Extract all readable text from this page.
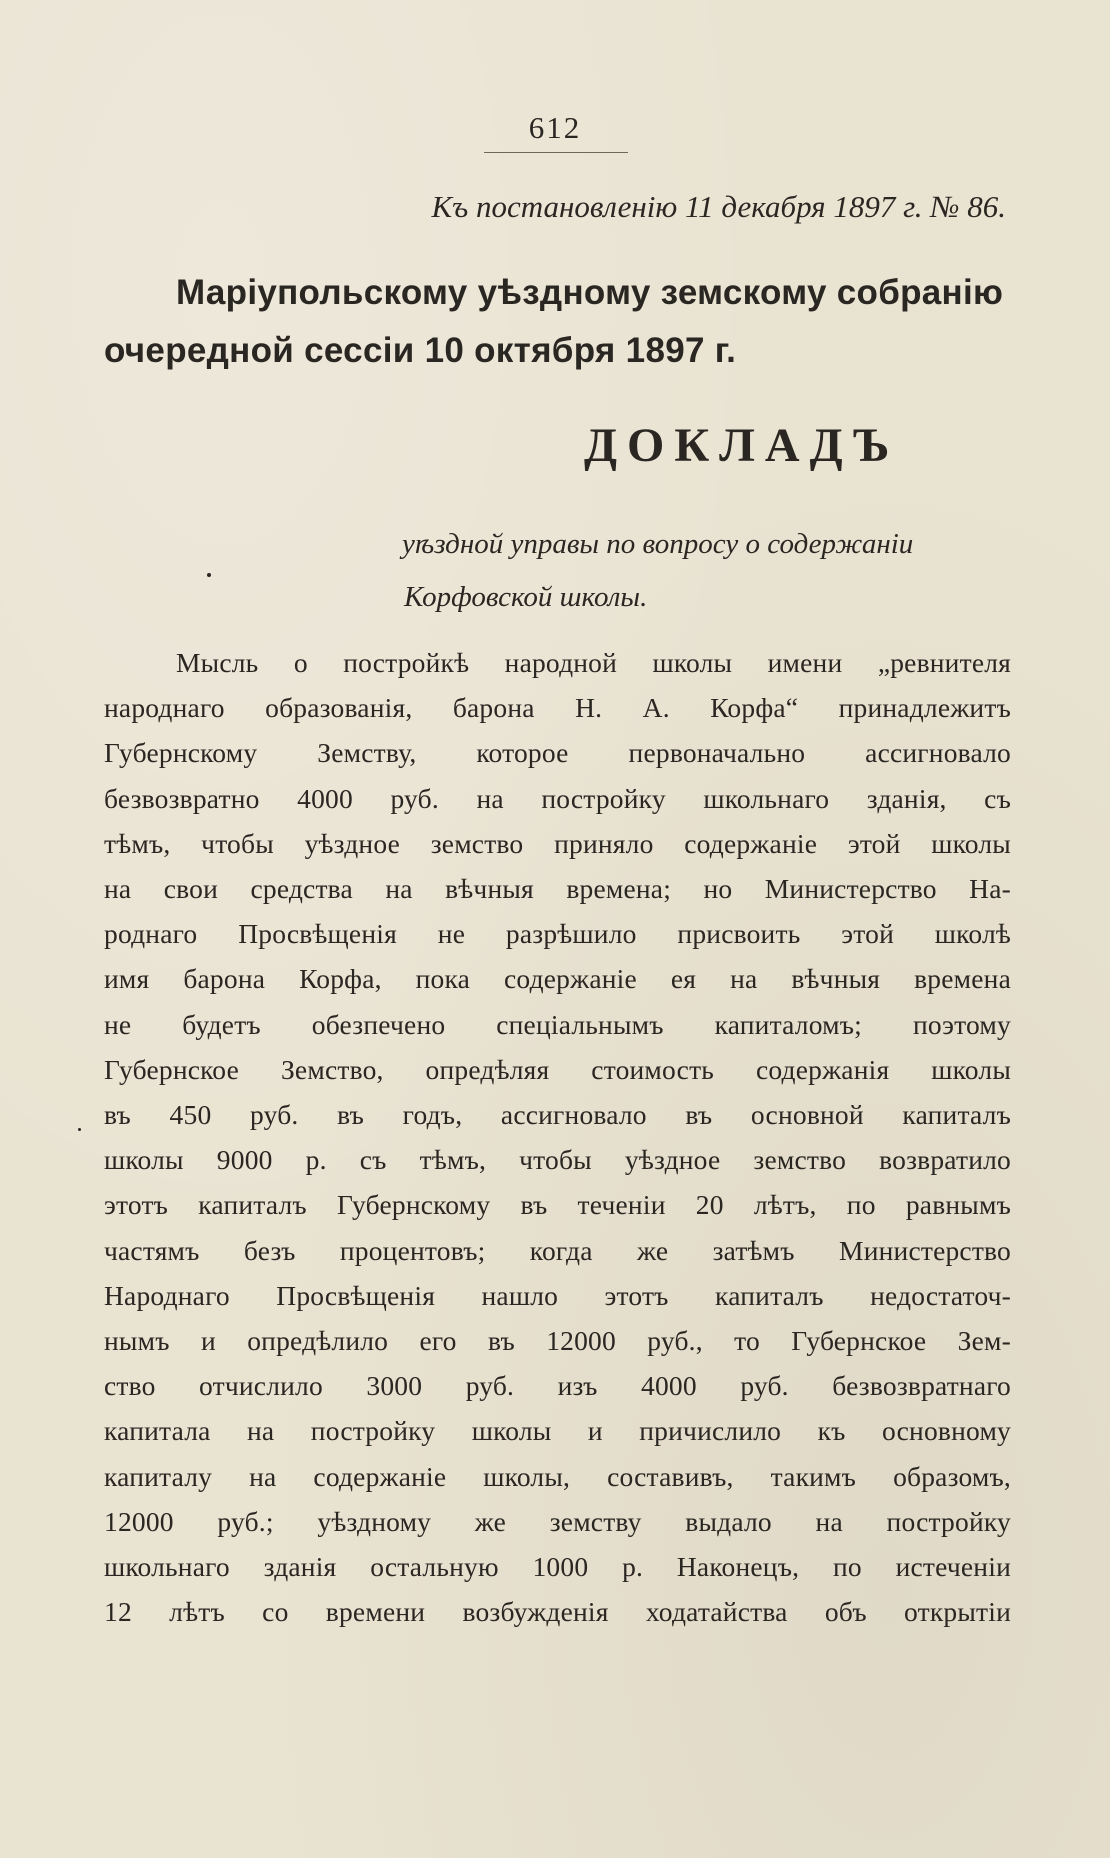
612
Къ постановленію 11 декабря 1897 г. № 86.
Маріупольскому уѣздному земскому собранію
очередной сессіи 10 октября 1897 г.
ДОКЛАДЪ
уѣздной управы по вопросу о содержаніи
Корфовской школы.
Мысль о постройкѣ народной школы имени „ревнителя
народнаго образованія, барона Н. А. Корфа“ принадлежитъ
Губернскому Земству, которое первоначально ассигновало
безвозвратно 4000 руб. на постройку школьнаго зданія, съ
тѣмъ, чтобы уѣздное земство приняло содержаніе этой школы
на свои средства на вѣчныя времена; но Министерство На-
роднаго Просвѣщенія не разрѣшило присвоить этой школѣ
имя барона Корфа, пока содержаніе ея на вѣчныя времена
не будетъ обезпечено спеціальнымъ капиталомъ; поэтому
Губернское Земство, опредѣляя стоимость содержанія школы
въ 450 руб. въ годъ, ассигновало въ основной капиталъ
школы 9000 р. съ тѣмъ, чтобы уѣздное земство возвратило
этотъ капиталъ Губернскому въ теченіи 20 лѣтъ, по равнымъ
частямъ безъ процентовъ; когда же затѣмъ Министерство
Народнаго Просвѣщенія нашло этотъ капиталъ недостаточ-
нымъ и опредѣлило его въ 12000 руб., то Губернское Зем-
ство отчислило 3000 руб. изъ 4000 руб. безвозвратнаго
капитала на постройку школы и причислило къ основному
капиталу на содержаніе школы, составивъ, такимъ образомъ,
12000 руб.; уѣздному же земству выдало на постройку
школьнаго зданія остальную 1000 р. Наконецъ, по истеченіи
12 лѣтъ со времени возбужденія ходатайства объ открытіи
